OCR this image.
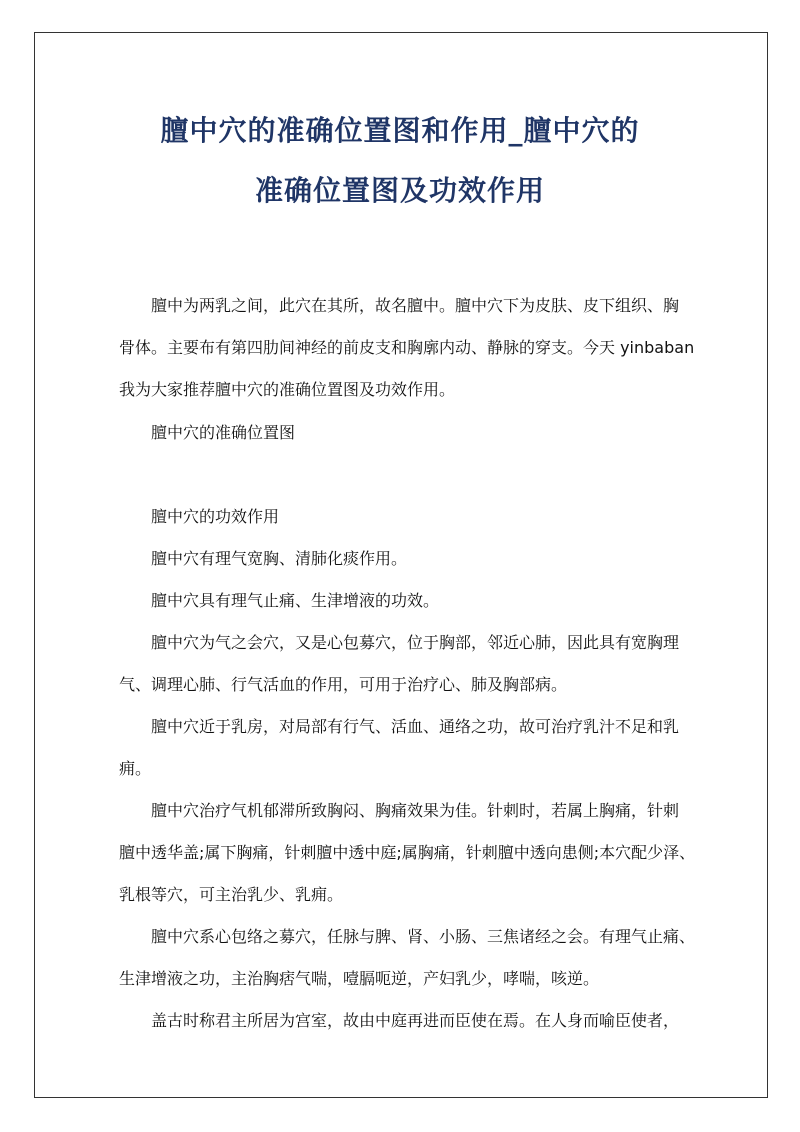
膻中穴的准确位置图和作用_膻中穴的
准确位置图及功效作用

　　膻中为两乳之间，此穴在其所，故名膻中。膻中穴下为皮肤、皮下组织、胸

骨体。主要布有第四肋间神经的前皮支和胸廓内动、静脉的穿支。今天 yinbaban

我为大家推荐膻中穴的准确位置图及功效作用。

　　膻中穴的准确位置图

　　膻中穴的功效作用

　　膻中穴有理气宽胸、清肺化痰作用。

　　膻中穴具有理气止痛、生津增液的功效。

　　膻中穴为气之会穴，又是心包募穴，位于胸部，邻近心肺，因此具有宽胸理

气、调理心肺、行气活血的作用，可用于治疗心、肺及胸部病。

　　膻中穴近于乳房，对局部有行气、活血、通络之功，故可治疗乳汁不足和乳

痈。

　　膻中穴治疗气机郁滞所致胸闷、胸痛效果为佳。针刺时，若属上胸痛，针刺

膻中透华盖;属下胸痛，针刺膻中透中庭;属胸痛，针刺膻中透向患侧;本穴配少泽、

乳根等穴，可主治乳少、乳痈。

　　膻中穴系心包络之募穴，任脉与脾、肾、小肠、三焦诸经之会。有理气止痛、

生津增液之功，主治胸痞气喘，噎膈呃逆，产妇乳少，哮喘，咳逆。

　　盖古时称君主所居为宫室，故由中庭再进而臣使在焉。在人身而喻臣使者，
